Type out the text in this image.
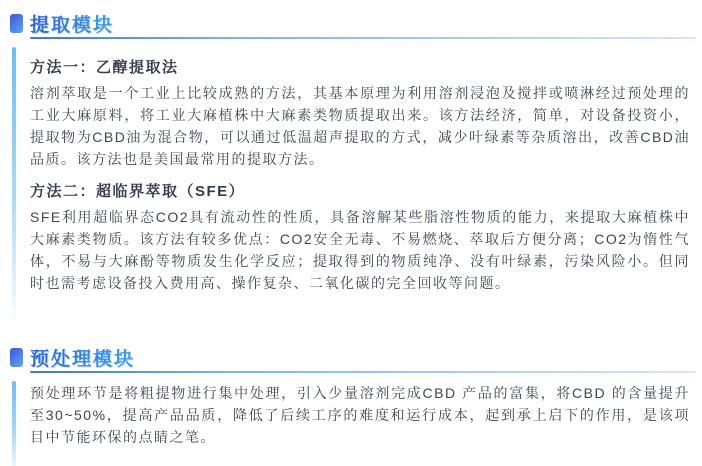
提取模块
方法一：乙醇提取法

溶剂萃取是一个工业上比较成熟的方法，其基本原理为利用溶剂浸泡及搅拌或喷淋经过预处理的工业大麻原料，将工业大麻植株中大麻素类物质提取出来。该方法经济，简单，对设备投资小，提取物为CBD油为混合物，可以通过低温超声提取的方式，减少叶绿素等杂质溶出，改善CBD油品质。该方法也是美国最常用的提取方法。

方法二：超临界萃取（SFE）

SFE利用超临界态CO2具有流动性的性质，具备溶解某些脂溶性物质的能力，来提取大麻植株中大麻素类物质。该方法有较多优点：CO2安全无毒、不易燃烧、萃取后方便分离；CO2为惰性气体，不易与大麻酚等物质发生化学反应；提取得到的物质纯净、没有叶绿素，污染风险小。但同时也需考虑设备投入费用高、操作复杂、二氧化碳的完全回收等问题。

预处理模块

预处理环节是将粗提物进行集中处理，引入少量溶剂完成CBD 产品的富集，将CBD 的含量提升至30~50%，提高产品品质，降低了后续工序的难度和运行成本，起到承上启下的作用，是该项目中节能环保的点睛之笔。
